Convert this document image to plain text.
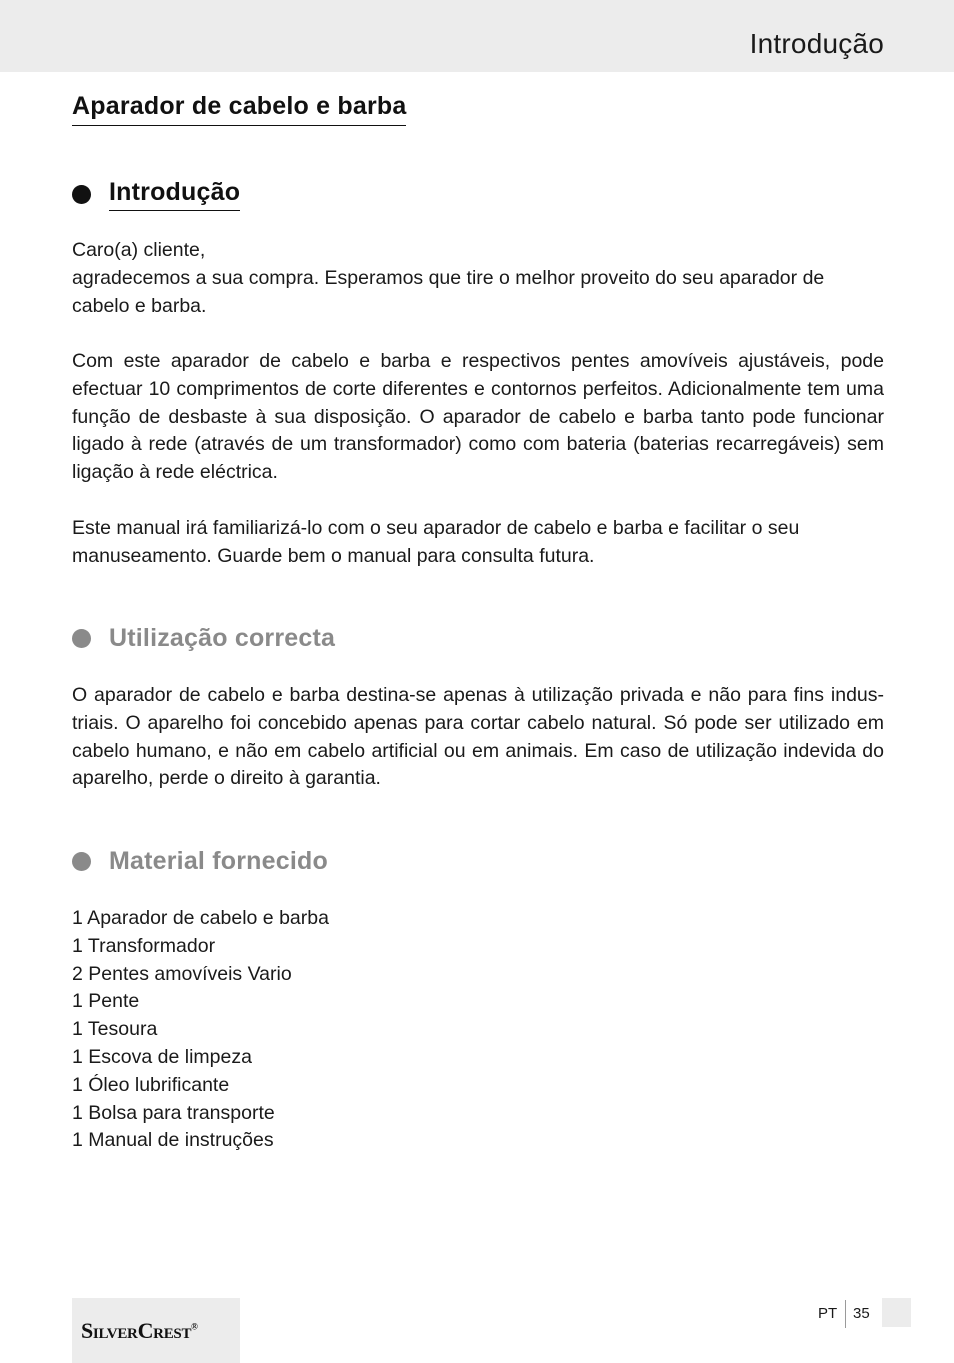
Introdução
Aparador de cabelo e barba
Introdução

Caro(a) cliente,
agradecemos a sua compra. Esperamos que tire o melhor proveito do seu aparador de cabelo e barba.

Com este aparador de cabelo e barba e respectivos pentes amovíveis ajustáveis, pode efectuar 10 comprimentos de corte diferentes e contornos perfeitos. Adicionalmente tem uma função de desbaste à sua disposição. O aparador de cabelo e barba tanto pode funcionar ligado à rede (através de um transformador) como com bateria (baterias recarregáveis) sem ligação à rede eléctrica.

Este manual irá familiarizá-lo com o seu aparador de cabelo e barba e facilitar o seu manuseamento. Guarde bem o manual para consulta futura.

Utilização correcta

O aparador de cabelo e barba destina-se apenas à utilização privada e não para fins indus-triais. O aparelho foi concebido apenas para cortar cabelo natural. Só pode ser utilizado em cabelo humano, e não em cabelo artificial ou em animais. Em caso de utilização indevida do aparelho, perde o direito à garantia.

Material fornecido
1 Aparador de cabelo e barba
1 Transformador
2 Pentes amovíveis Vario
1 Pente
1 Tesoura
1 Escova de limpeza
1 Óleo lubrificante
1 Bolsa para transporte
1 Manual de instruções
SilverCrest®
PT 35
